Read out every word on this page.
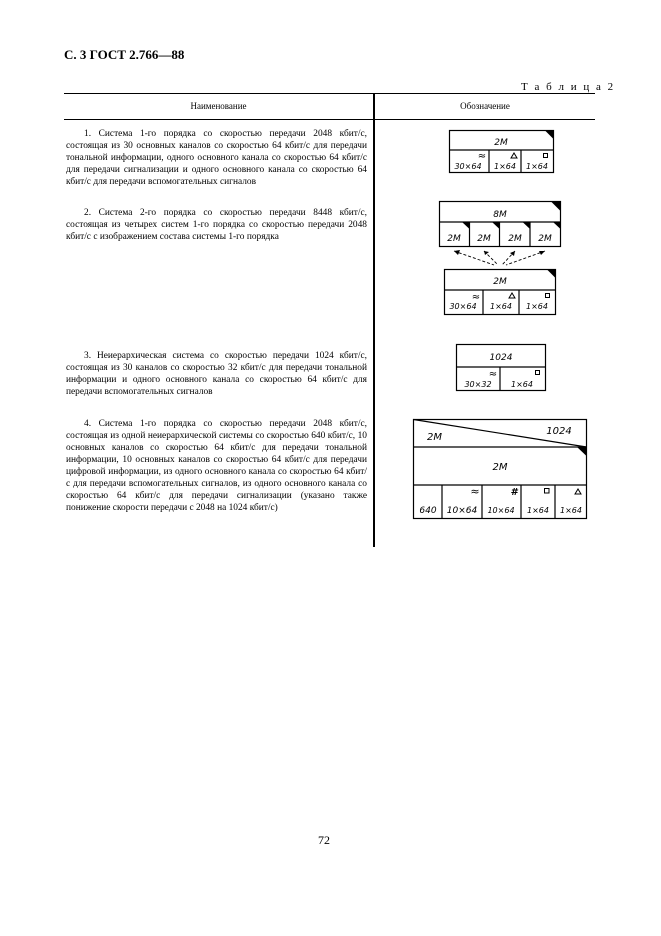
С. 3 ГОСТ 2.766—88
Т а б л и ц а 2
Наименование	Обозначение

1. Система 1-го порядка со скоростью передачи 2048 кбит/с, состоящая из 30 основных каналов со скоростью 64 кбит/с для передачи тональной информации, одного основного канала со скоростью 64 кбит/с для передачи сигнализации и одного основного канала со скоростью 64 кбит/с для передачи вспомогательных сигналов

2. Система 2-го порядка со скоростью передачи 8448 кбит/с, состоящая из четырех систем 1-го порядка со скоростью передачи 2048 кбит/с с изображением состава системы 1-го порядка

3. Неиерархическая система со скоростью передачи 1024 кбит/с, состоящая из 30 каналов со скоростью 32 кбит/с для передачи тональной информации и одного основного канала со скоростью 64 кбит/с для передачи вспомогательных сигналов

4. Система 1-го порядка со скоростью передачи 2048 кбит/с, состоящая из одной неиерархической системы со скоростью 640 кбит/с, 10 основных каналов со скоростью 64 кбит/с для передачи тональной информации, 10 основных каналов со скоростью 64 кбит/с для передачи цифровой информации, из одного основного канала со скоростью 64 кбит/с для передачи вспомогательных сигналов, из одного основного канала со скоростью 64 кбит/с для передачи сигнализации (указано также понижение скорости передачи с 2048 на 1024 кбит/с)

2M
≈
30×64 1×64 1×64
8M
2M 2M 2M 2M
2M
≈
30×64 1×64 1×64
1024
≈
30×32 1×64
2M
1024
2M
≈	#
640 10×64 10×64 1×64 1×64
72
